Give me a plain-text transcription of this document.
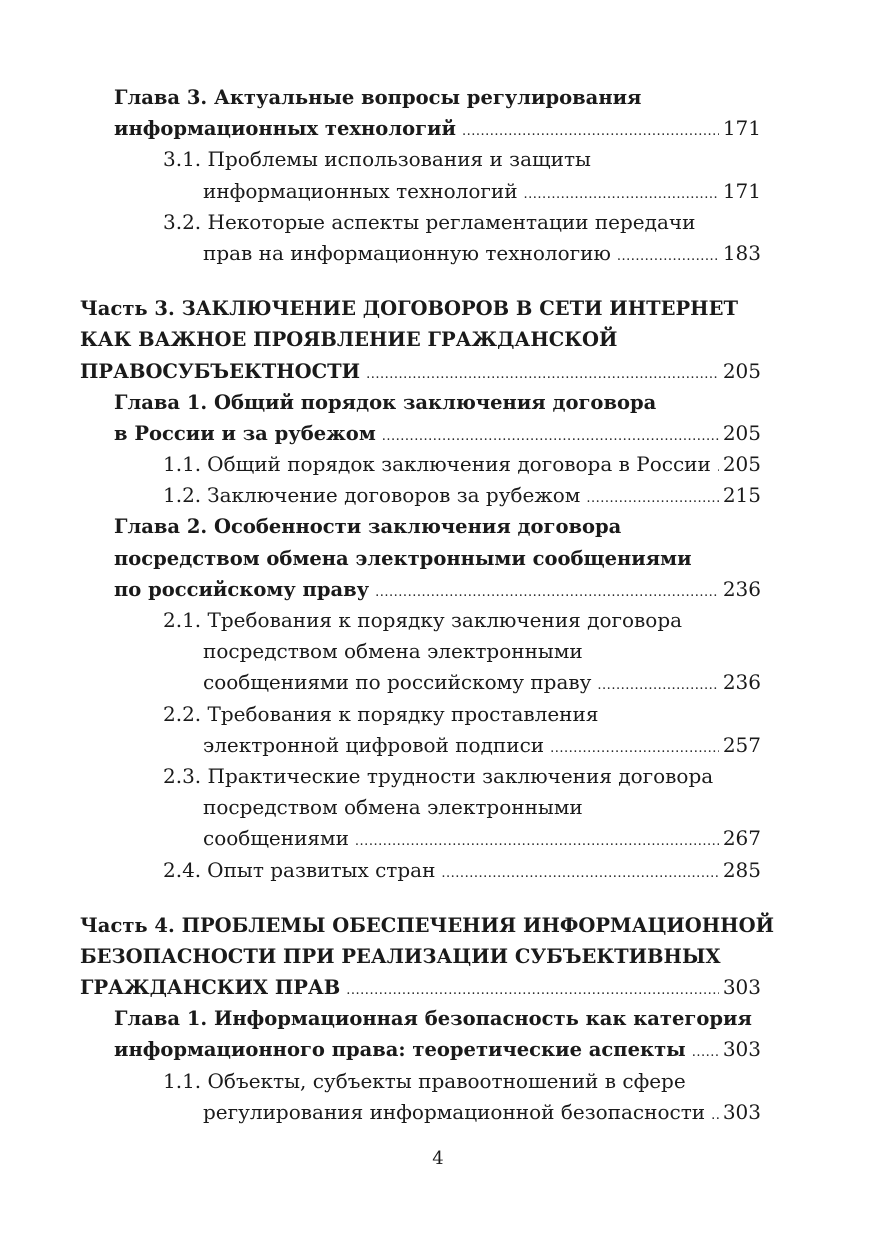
Глава 3. Актуальные вопросы регулирования
информационных технологий .....	171
3.1. Проблемы использования и защиты
информационных технологий .....	171
3.2. Некоторые аспекты регламентации передачи
прав на информационную технологию .....	183
Часть 3. ЗАКЛЮЧЕНИЕ ДОГОВОРОВ В СЕТИ ИНТЕРНЕТ
КАК ВАЖНОЕ ПРОЯВЛЕНИЕ ГРАЖДАНСКОЙ
ПРАВОСУБЪЕКТНОСТИ .....	205
Глава 1. Общий порядок заключения договора
в России и за рубежом .....	205
1.1. Общий порядок заключения договора в России ..... 205
1.2. Заключение договоров за рубежом .....	215
Глава 2. Особенности заключения договора
посредством обмена электронными сообщениями
по российскому праву .....	236
2.1. Требования к порядку заключения договора
посредством обмена электронными
сообщениями по российскому праву .....	236
2.2. Требования к порядку проставления
электронной цифровой подписи .....	257
2.3. Практические трудности заключения договора
посредством обмена электронными
сообщениями .....	267
2.4. Опыт развитых стран .....	285
Часть 4. ПРОБЛЕМЫ ОБЕСПЕЧЕНИЯ ИНФОРМАЦИОННОЙ
БЕЗОПАСНОСТИ ПРИ РЕАЛИЗАЦИИ СУБЪЕКТИВНЫХ
ГРАЖДАНСКИХ ПРАВ .....	303
Глава 1. Информационная безопасность как категория
информационного права: теоретические аспекты ..... 303
1.1. Объекты, субъекты правоотношений в сфере
регулирования информационной безопасности ..... 303
4
